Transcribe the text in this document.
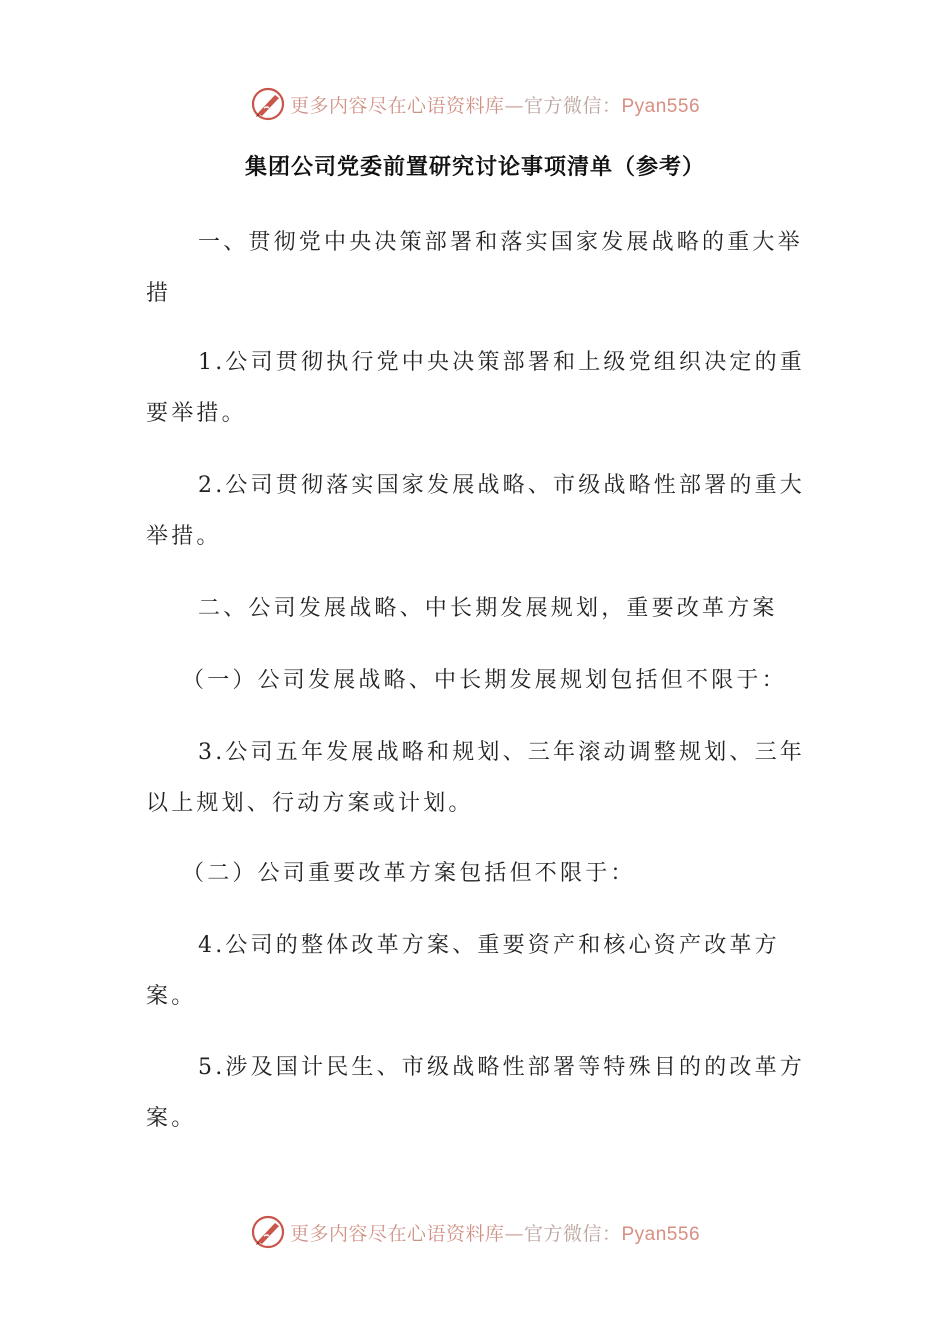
更多内容尽在心语资料库—官方微信：Pyan556
集团公司党委前置研究讨论事项清单（参考）

一、贯彻党中央决策部署和落实国家发展战略的重大举措

1.公司贯彻执行党中央决策部署和上级党组织决定的重要举措。

2.公司贯彻落实国家发展战略、市级战略性部署的重大举措。

二、公司发展战略、中长期发展规划，重要改革方案

（一）公司发展战略、中长期发展规划包括但不限于：

3.公司五年发展战略和规划、三年滚动调整规划、三年以上规划、行动方案或计划。

（二）公司重要改革方案包括但不限于：

4.公司的整体改革方案、重要资产和核心资产改革方案。

5.涉及国计民生、市级战略性部署等特殊目的的改革方案。

更多内容尽在心语资料库—官方微信：Pyan556
